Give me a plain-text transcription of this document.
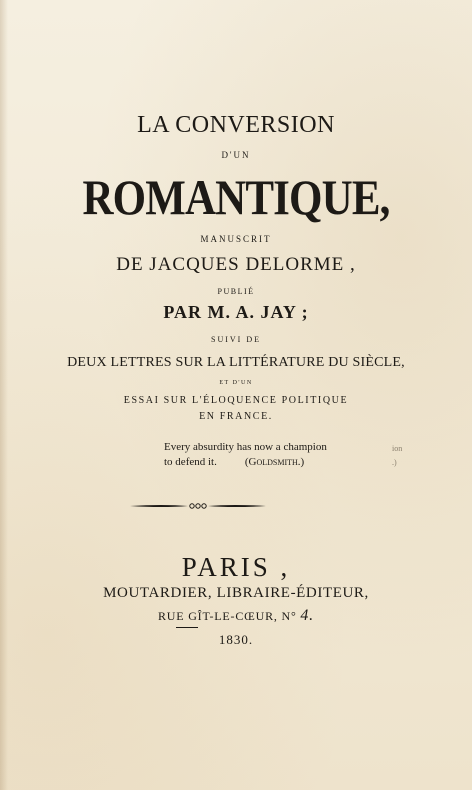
LA CONVERSION
D'UN
ROMANTIQUE,
MANUSCRIT
DE JACQUES DELORME ,
PUBLIÉ
PAR M. A. JAY ;
SUIVI DE
DEUX LETTRES SUR LA LITTÉRATURE DU SIÈCLE,
ET D'UN
ESSAI SUR L'ÉLOQUENCE POLITIQUE
EN FRANCE.
Every absurdity has now a champion
to defend it.	(Goldsmith.)
ion
.)
PARIS ,
MOUTARDIER, LIBRAIRE-ÉDITEUR,
RUE GÎT-LE-CŒUR, N° 4.
1830.
